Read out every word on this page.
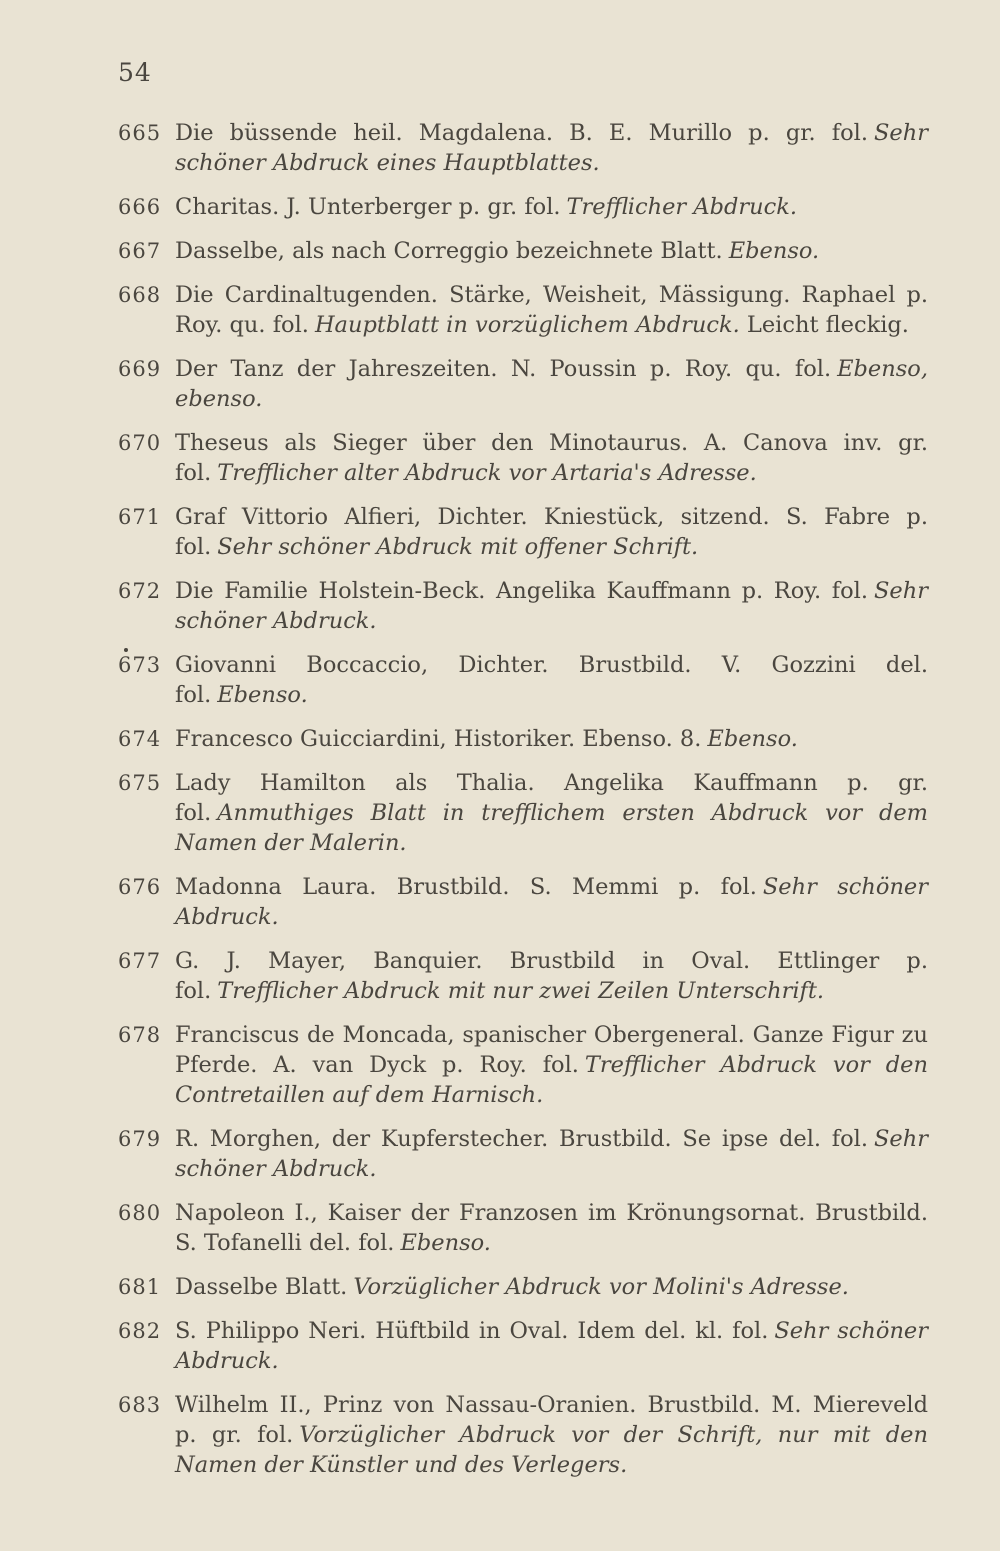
54
665 Die büssende heil. Magdalena. B. E. Murillo p. gr. fol. Sehr schöner Abdruck eines Hauptblattes.
666 Charitas. J. Unterberger p. gr. fol. Trefflicher Abdruck.
667 Dasselbe, als nach Correggio bezeichnete Blatt. Ebenso.
668 Die Cardinaltugenden. Stärke, Weisheit, Mässigung. Raphael p. Roy. qu. fol. Hauptblatt in vorzüglichem Abdruck. Leicht fleckig.
669 Der Tanz der Jahreszeiten. N. Poussin p. Roy. qu. fol. Ebenso, ebenso.
670 Theseus als Sieger über den Minotaurus. A. Canova inv. gr. fol. Trefflicher alter Abdruck vor Artaria's Adresse.
671 Graf Vittorio Alfieri, Dichter. Kniestück, sitzend. S. Fabre p. fol. Sehr schöner Abdruck mit offener Schrift.
672 Die Familie Holstein-Beck. Angelika Kauffmann p. Roy. fol. Sehr schöner Abdruck.
673 Giovanni Boccaccio, Dichter. Brustbild. V. Gozzini del. fol. Ebenso.
674 Francesco Guicciardini, Historiker. Ebenso. 8. Ebenso.
675 Lady Hamilton als Thalia. Angelika Kauffmann p. gr. fol. Anmuthiges Blatt in trefflichem ersten Abdruck vor dem Namen der Malerin.
676 Madonna Laura. Brustbild. S. Memmi p. fol. Sehr schöner Abdruck.
677 G. J. Mayer, Banquier. Brustbild in Oval. Ettlinger p. fol. Trefflicher Abdruck mit nur zwei Zeilen Unterschrift.
678 Franciscus de Moncada, spanischer Obergeneral. Ganze Figur zu Pferde. A. van Dyck p. Roy. fol. Trefflicher Abdruck vor den Contretaillen auf dem Harnisch.
679 R. Morghen, der Kupferstecher. Brustbild. Se ipse del. fol. Sehr schöner Abdruck.
680 Napoleon I., Kaiser der Franzosen im Krönungsornat. Brustbild. S. Tofanelli del. fol. Ebenso.
681 Dasselbe Blatt. Vorzüglicher Abdruck vor Molini's Adresse.
682 S. Philippo Neri. Hüftbild in Oval. Idem del. kl. fol. Sehr schöner Abdruck.
683 Wilhelm II., Prinz von Nassau-Oranien. Brustbild. M. Miereveld p. gr. fol. Vorzüglicher Abdruck vor der Schrift, nur mit den Namen der Künstler und des Verlegers.
